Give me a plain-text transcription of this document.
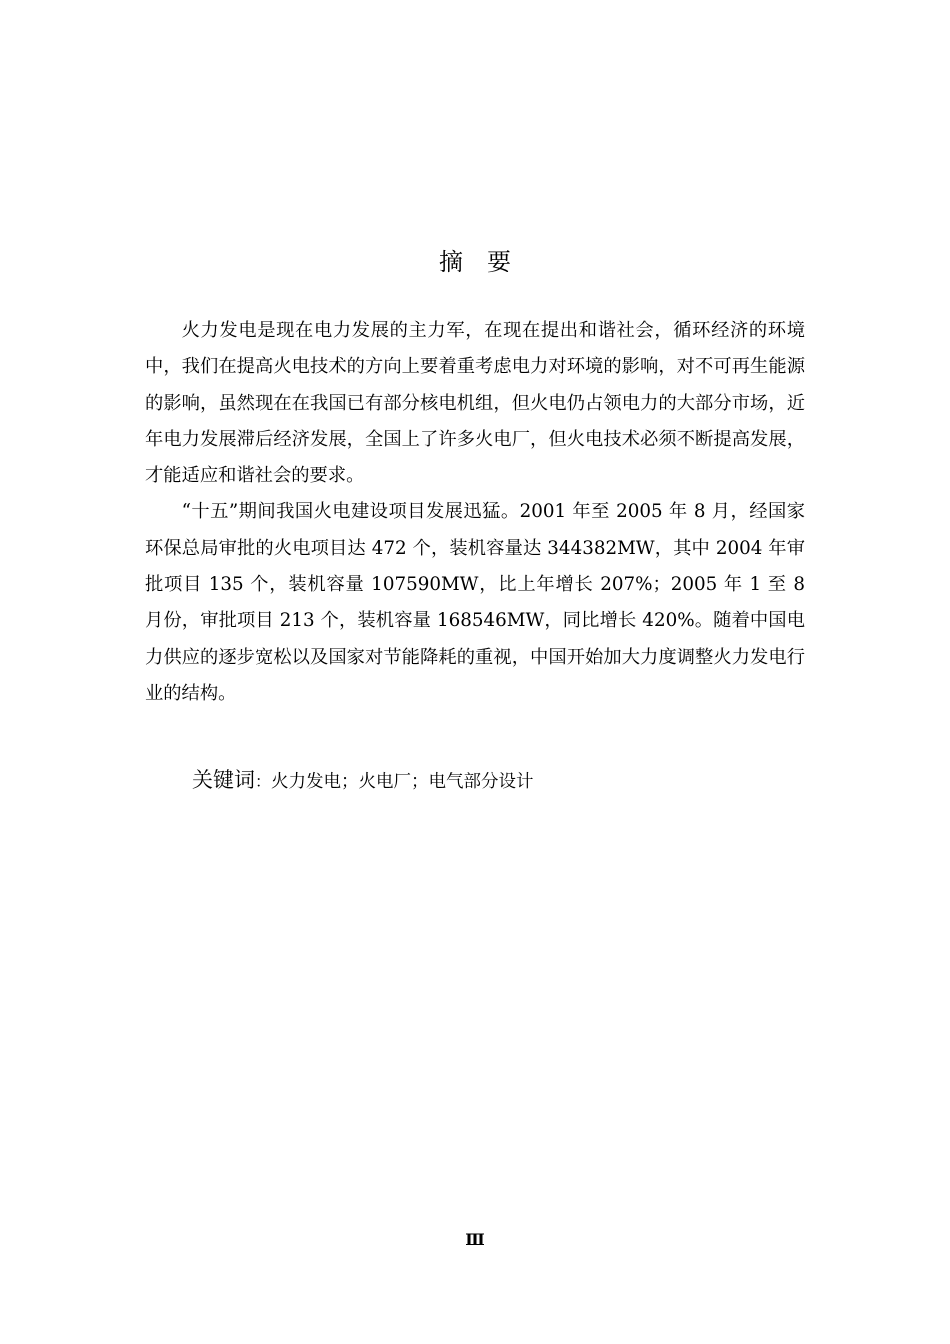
摘　要

火力发电是现在电力发展的主力军，在现在提出和谐社会，循环经济的环境中，我们在提高火电技术的方向上要着重考虑电力对环境的影响，对不可再生能源的影响，虽然现在在我国已有部分核电机组，但火电仍占领电力的大部分市场，近年电力发展滞后经济发展，全国上了许多火电厂，但火电技术必须不断提高发展，才能适应和谐社会的要求。

“十五”期间我国火电建设项目发展迅猛。2001 年至 2005 年 8 月，经国家环保总局审批的火电项目达 472 个，装机容量达 344382MW，其中 2004 年审批项目 135 个，装机容量 107590MW，比上年增长 207%；2005 年 1 至 8 月份，审批项目 213 个，装机容量 168546MW，同比增长 420%。随着中国电力供应的逐步宽松以及国家对节能降耗的重视，中国开始加大力度调整火力发电行业的结构。

关键词：火力发电；火电厂；电气部分设计
Ⅲ
